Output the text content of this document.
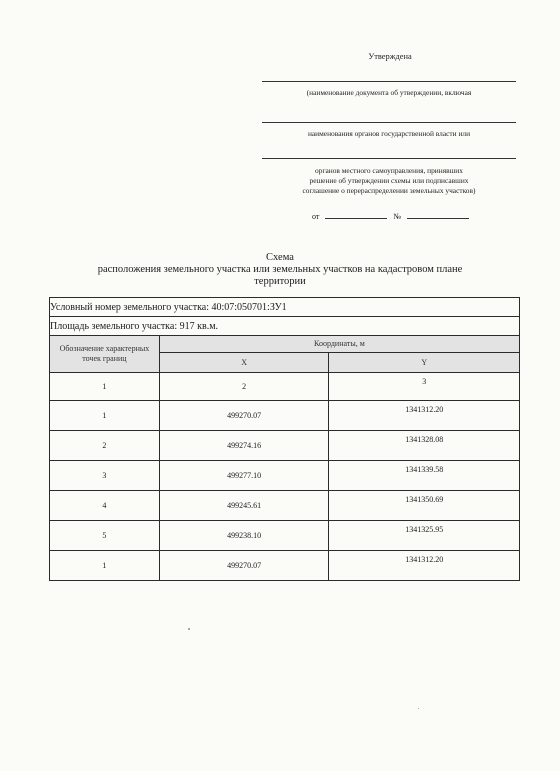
Утверждена
(наименование документа об утверждении, включая
наименования органов государственной власти или
органов местного самоуправления, принявших
решение об утверждении схемы или подписавших
соглашение о перераспределении земельных участков)
от	№
Схема
расположения земельного участка или земельных участков на кадастровом плане
территории
Условный номер земельного участка: 40:07:050701:ЗУ1		
Площадь земельного участка: 917 кв.м.		
Обозначение характерных точек границ	Координаты, м	
	X	Y
1	2	3
1	499270.07	1341312.20
2	499274.16	1341328.08
3	499277.10	1341339.58
4	499245.61	1341350.69
5	499238.10	1341325.95
1	499270.07	1341312.20
